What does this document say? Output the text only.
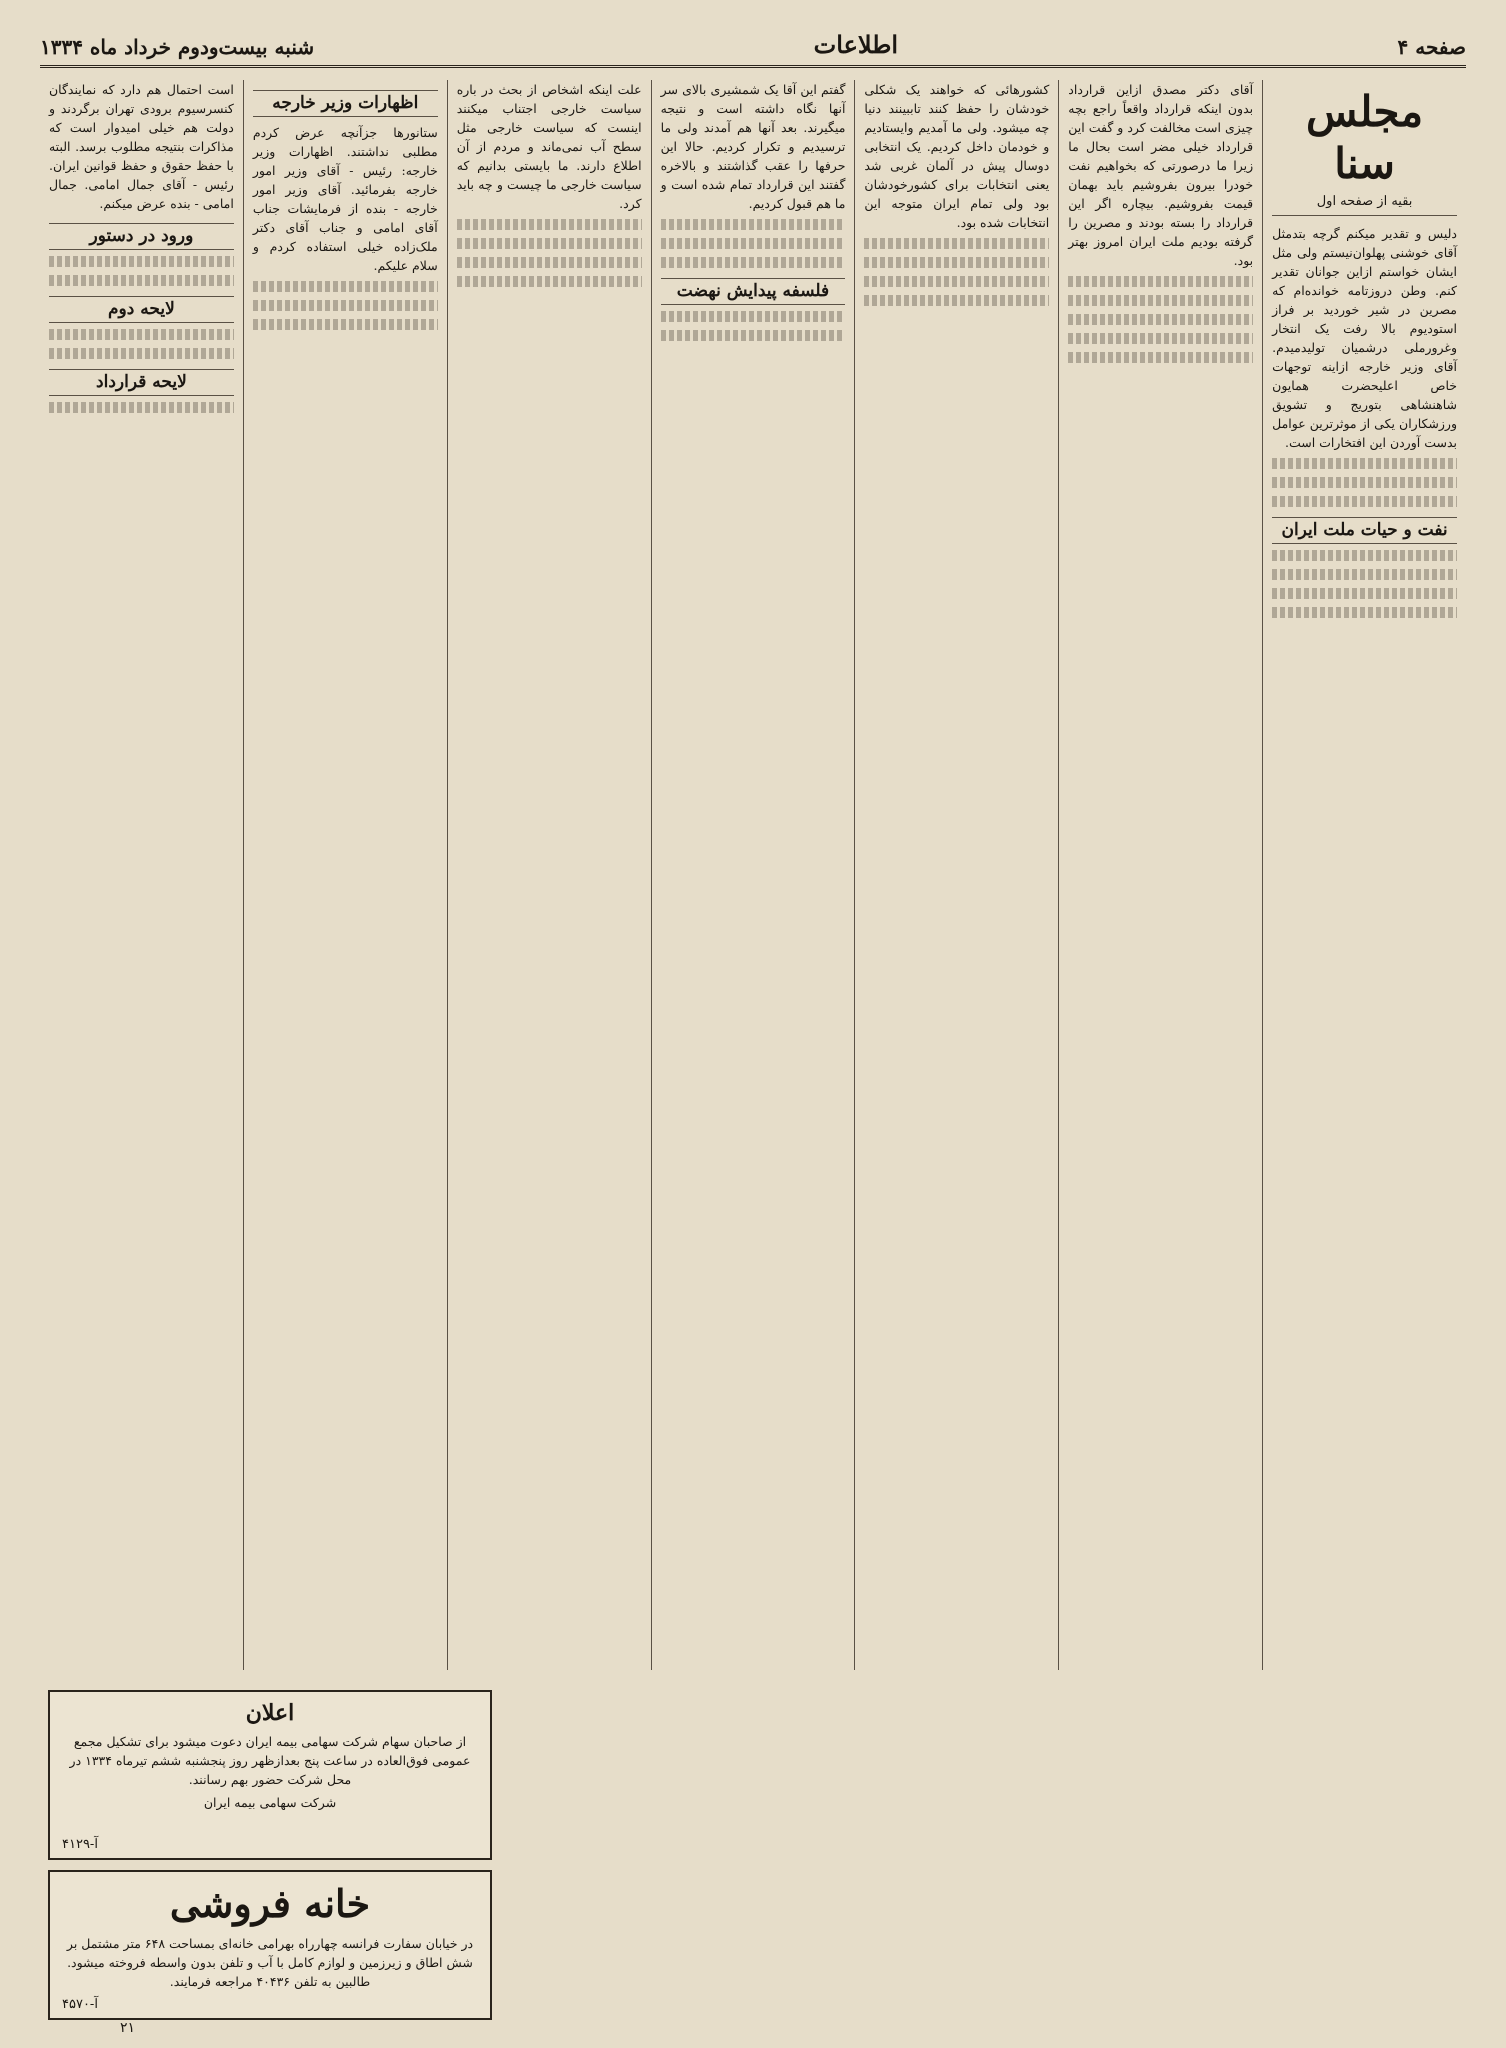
صفحه ۴
اطلاعات
شنبه بیست‌ودوم خرداد ماه ۱۳۳۴
مجلس سنا
بقیه از صفحه اول

دلیس و تقدیر میکنم گرچه بتدمثل آقای خوشنی پهلوان‌نیستم ولی مثل ایشان خواستم ازاین جوانان تقدیر کنم. وطن دروزتامه خوانده‌ام که مصرین در شیر خوردید بر فراز استودیوم بالا رفت یک انتخار وغرورملی درشمیان تولیدمیدم. آقای وزیر خارجه ازاینه توجهات خاص اعلیحضرت همایون شاهنشاهی بتوریج و تشویق ورزشکاران یکی از موثرترین عوامل بدست آوردن این افتخارات است.

نفت و حیات ملت ایران

آقای دکتر مصدق ازاین قرارداد بدون اینکه قرارداد واقعاً راجع بچه چیزی است مخالفت کرد و گفت این قرارداد خیلی مضر است بحال ما زیرا ما درصورتی که بخواهیم نفت خودرا بیرون بفروشیم باید بهمان قیمت بفروشیم. بیچاره اگر این قرارداد را بسته بودند و مصرین را گرفته بودیم ملت ایران امروز بهتر بود.

کشورهائی که خواهند یک شکلی خودشان را حفظ کنند تاببینند دنیا چه میشود. ولی ما آمدیم وایستادیم و خودمان داخل کردیم. یک انتخابی دوسال پیش در آلمان غربی شد یعنی انتخابات برای کشورخودشان بود ولی تمام ایران متوجه این انتخابات شده بود.

گفتم این آقا یک شمشیری بالای سر آنها نگاه داشته است و نتیجه میگیرند. بعد آنها هم آمدند ولی ما ترسیدیم و تکرار کردیم. حالا این حرفها را عقب گذاشتند و بالاخره گفتند این قرارداد تمام شده است و ما هم قبول کردیم.

فلسفه پیدایش نهضت

علت اینکه اشخاص از بحث در باره سیاست خارجی اجتناب میکنند اینست که سیاست خارجی مثل سطح آب نمی‌ماند و مردم از آن اطلاع دارند. ما بایستی بدانیم که سیاست خارجی ما چیست و چه باید کرد.

اظهارات وزیر خارجه

ستانورها جزآنچه عرض کردم مطلبی نداشتند. اظهارات وزیر خارجه: رئیس - آقای وزیر امور خارجه بفرمائید. آقای وزیر امور خارجه - بنده از فرمایشات جناب آقای امامی و جناب آقای دکتر ملک‌زاده خیلی استفاده کردم و سلام علیکم.

است احتمال هم دارد که نمایندگان کنسرسیوم برودی تهران برگردند و دولت هم خیلی امیدوار است که مذاکرات بنتیجه مطلوب برسد. البته با حفظ حقوق و حفظ قوانین ایران. رئیس - آقای جمال امامی. جمال امامی - بنده عرض میکنم.

ورود در دستور
لایحه دوم
لایحه قرارداد
اعلان

از صاحبان سهام شرکت سهامی بیمه ایران دعوت میشود برای تشکیل مجمع عمومی فوق‌العاده در ساعت پنج بعدازظهر روز پنجشنبه ششم تیرماه ۱۳۳۴ در محل شرکت حضور بهم رسانند.

شرکت سهامی بیمه ایران
۴۱۲۹-آ
خانه فروشی

در خیابان سفارت فرانسه چهارراه بهرامی خانه‌ای بمساحت ۶۴۸ متر مشتمل بر شش اطاق و زیرزمین و لوازم کامل با آب و تلفن بدون واسطه فروخته میشود. طالبین به تلفن ۴۰۴۳۶ مراجعه فرمایند.

۴۵۷۰-آ
۲۱
